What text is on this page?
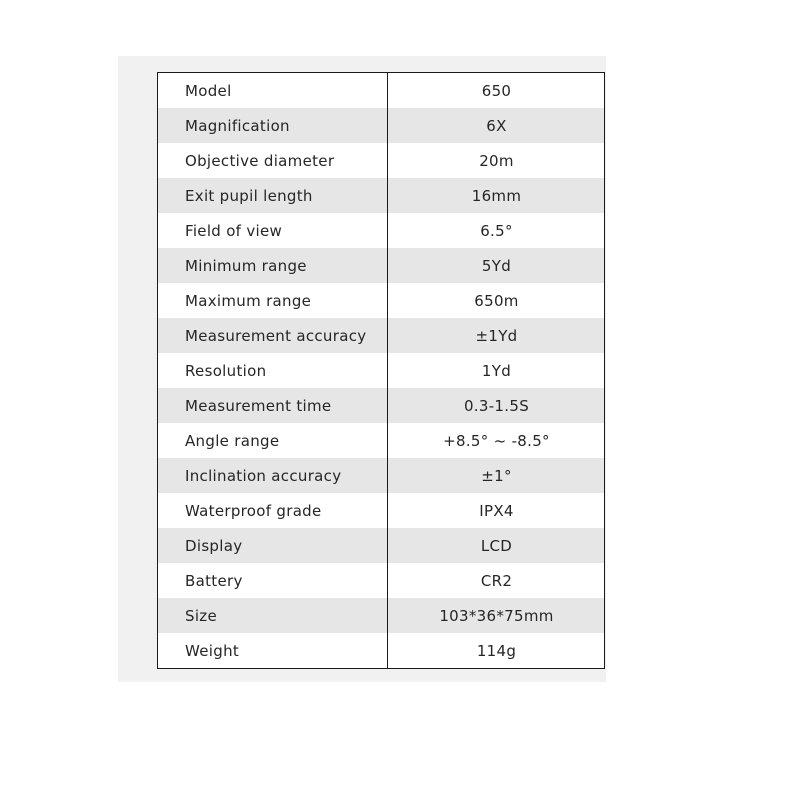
Model	650
Magnification	6X
Objective diameter	20m
Exit pupil length	16mm
Field of view	6.5°
Minimum range	5Yd
Maximum range	650m
Measurement accuracy	±1Yd
Resolution	1Yd
Measurement time	0.3-1.5S
Angle range	+8.5° ~ -8.5°
Inclination accuracy	±1°
Waterproof grade	IPX4
Display	LCD
Battery	CR2
Size	103*36*75mm
Weight	114g
